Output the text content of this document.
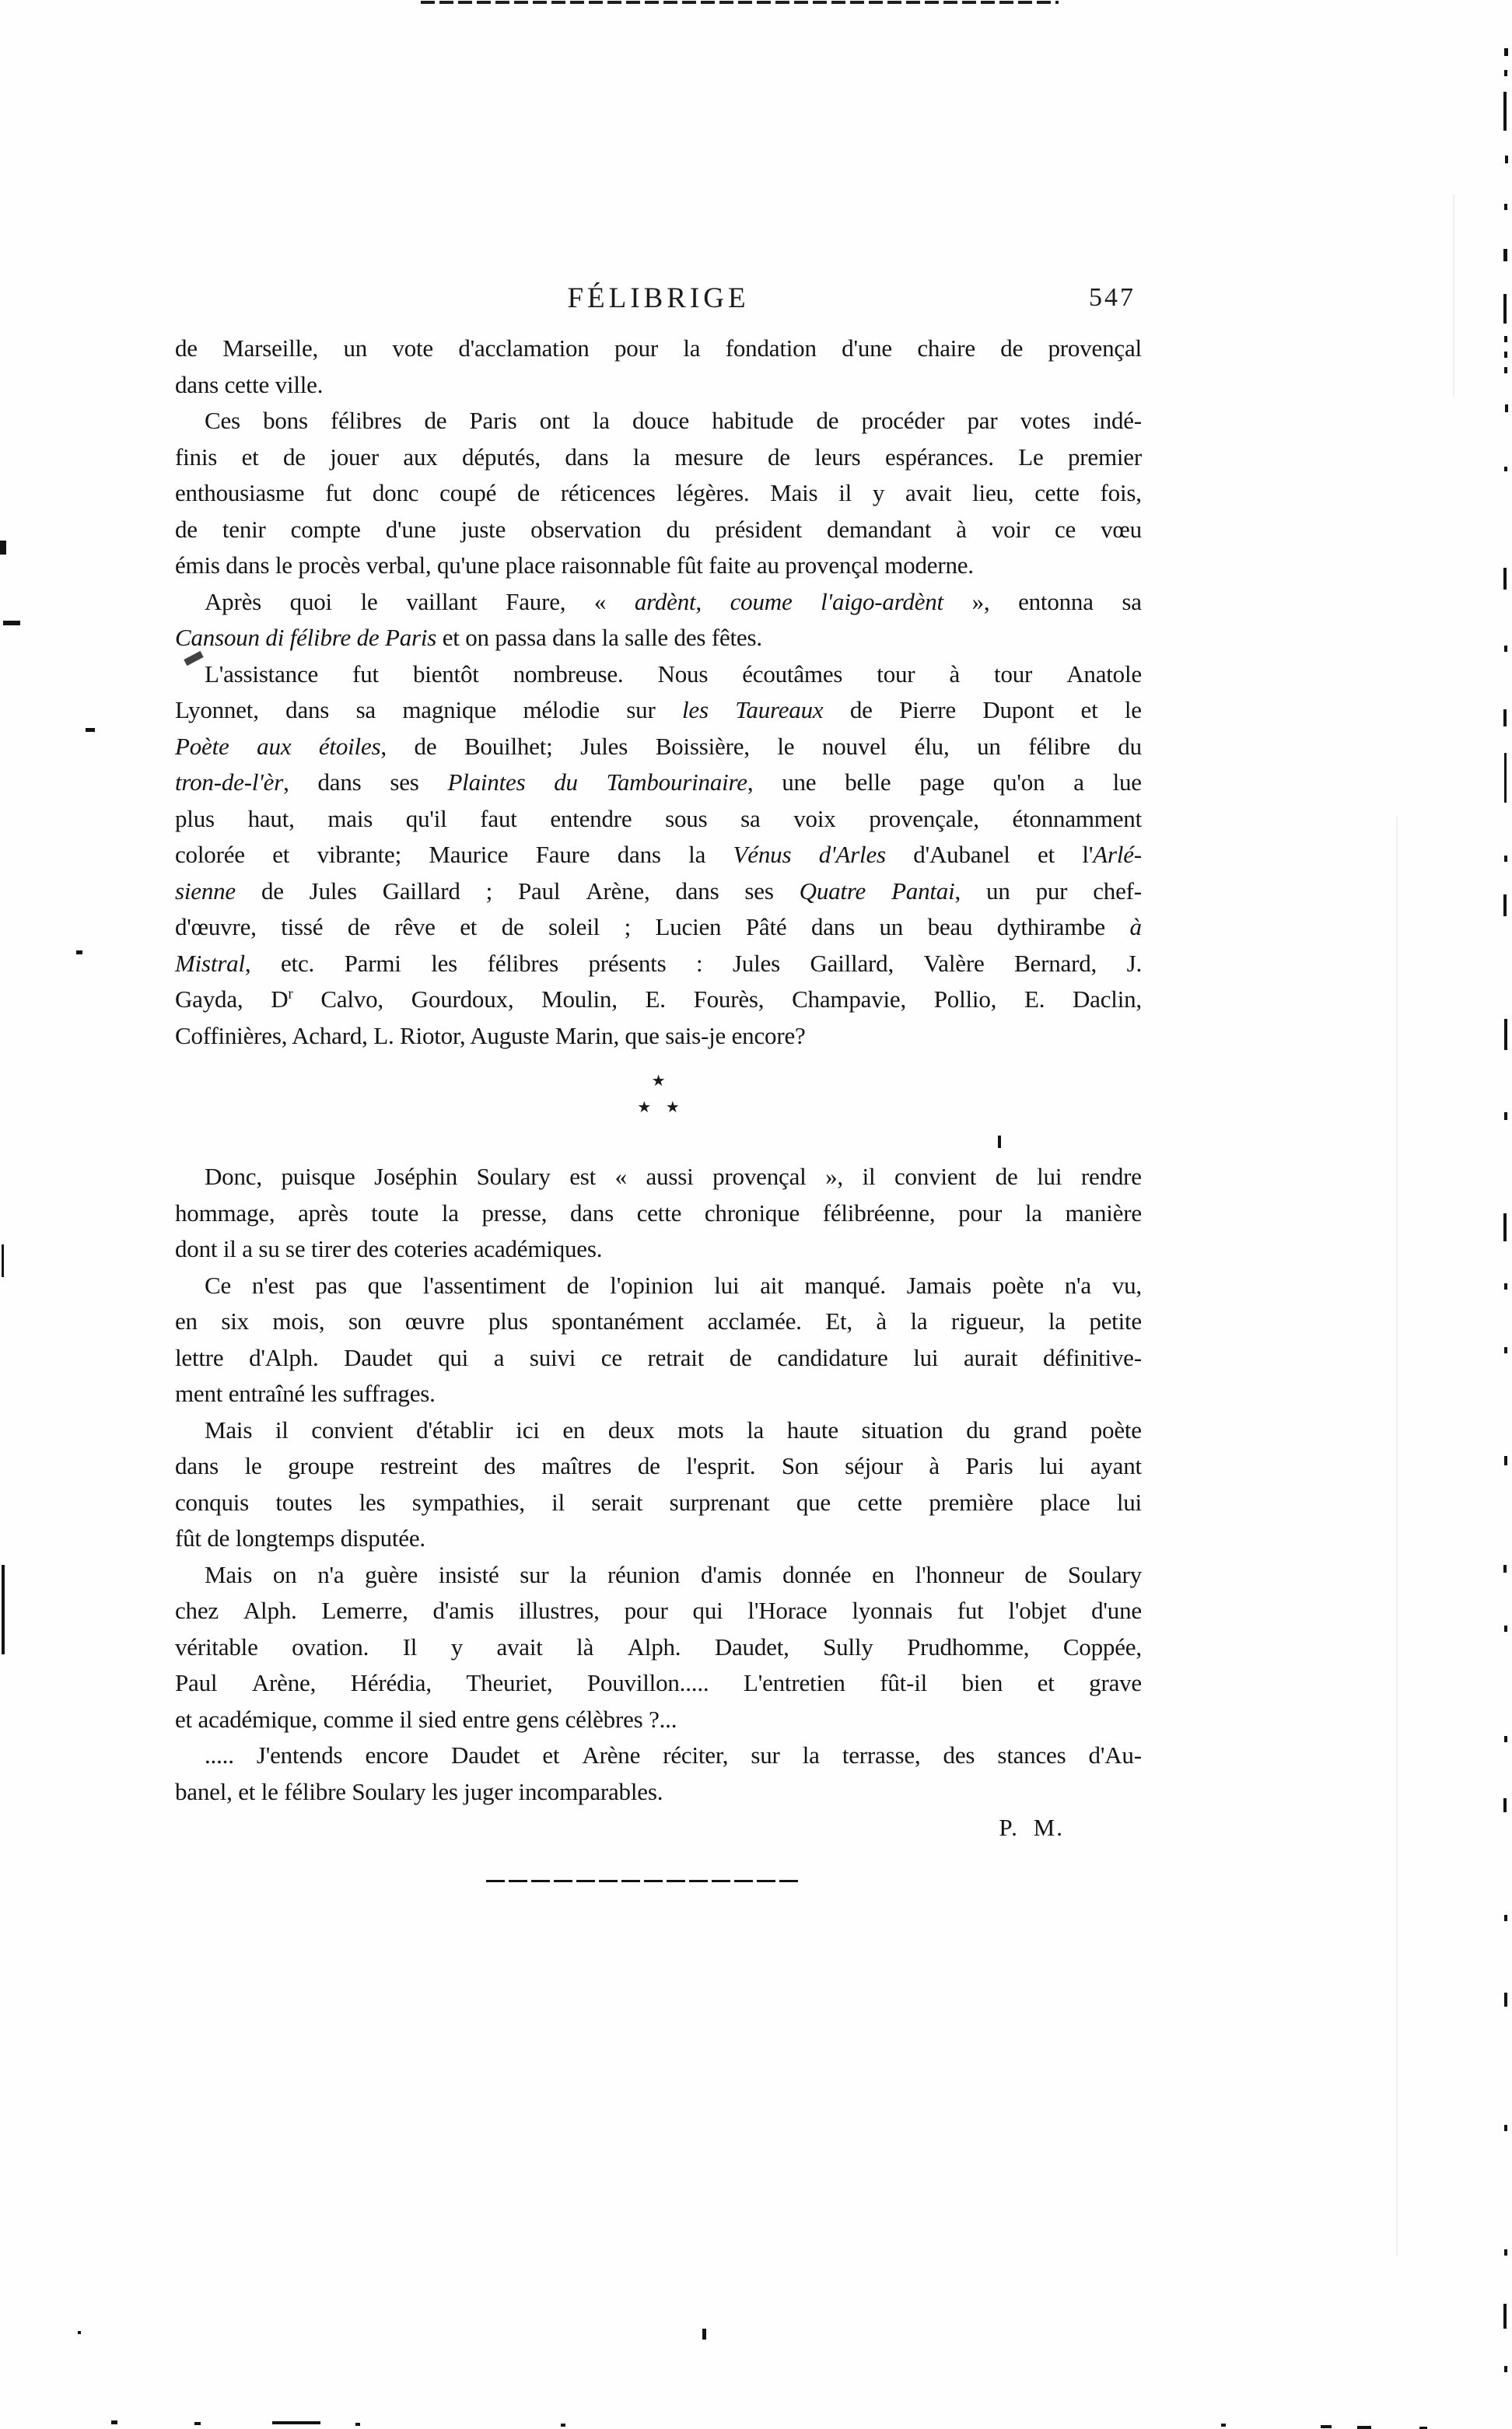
FÉLIBRIGE	547
de Marseille, un vote d'acclamation pour la fondation d'une chaire de provençal
dans cette ville.
Ces bons félibres de Paris ont la douce habitude de procéder par votes indé-
finis et de jouer aux députés, dans la mesure de leurs espérances. Le premier
enthousiasme fut donc coupé de réticences légères. Mais il y avait lieu, cette fois,
de tenir compte d'une juste observation du président demandant à voir ce vœu
émis dans le procès verbal, qu'une place raisonnable fût faite au provençal moderne.
Après quoi le vaillant Faure, « ardènt, coume l'aigo-ardènt », entonna sa
Cansoun di félibre de Paris et on passa dans la salle des fêtes.
L'assistance fut bientôt nombreuse. Nous écoutâmes tour à tour Anatole
Lyonnet, dans sa magnique mélodie sur les Taureaux de Pierre Dupont et le
Poète aux étoiles, de Bouilhet; Jules Boissière, le nouvel élu, un félibre du
tron-de-l'èr, dans ses Plaintes du Tambourinaire, une belle page qu'on a lue
plus haut, mais qu'il faut entendre sous sa voix provençale, étonnamment
colorée et vibrante; Maurice Faure dans la Vénus d'Arles d'Aubanel et l'Arlé-
sienne de Jules Gaillard ; Paul Arène, dans ses Quatre Pantai, un pur chef-
d'œuvre, tissé de rêve et de soleil ; Lucien Pâté dans un beau dythirambe à
Mistral, etc. Parmi les félibres présents : Jules Gaillard, Valère Bernard, J.
Gayda, $D^r$ Calvo, Gourdoux, Moulin, E. Fourès, Champavie, Pollio, E. Daclin,
Coffinières, Achard, L. Riotor, Auguste Marin, que sais-je encore?
★
★ ★
Donc, puisque Joséphin Soulary est « aussi provençal », il convient de lui rendre
hommage, après toute la presse, dans cette chronique félibréenne, pour la manière
dont il a su se tirer des coteries académiques.
Ce n'est pas que l'assentiment de l'opinion lui ait manqué. Jamais poète n'a vu,
en six mois, son œuvre plus spontanément acclamée. Et, à la rigueur, la petite
lettre d'Alph. Daudet qui a suivi ce retrait de candidature lui aurait définitive-
ment entraîné les suffrages.
Mais il convient d'établir ici en deux mots la haute situation du grand poète
dans le groupe restreint des maîtres de l'esprit. Son séjour à Paris lui ayant
conquis toutes les sympathies, il serait surprenant que cette première place lui
fût de longtemps disputée.
Mais on n'a guère insisté sur la réunion d'amis donnée en l'honneur de Soulary
chez Alph. Lemerre, d'amis illustres, pour qui l'Horace lyonnais fut l'objet d'une
véritable ovation. Il y avait là Alph. Daudet, Sully Prudhomme, Coppée,
Paul Arène, Hérédia, Theuriet, Pouvillon..... L'entretien fût-il bien et grave
et académique, comme il sied entre gens célèbres ?...
..... J'entends encore Daudet et Arène réciter, sur la terrasse, des stances d'Au-
banel, et le félibre Soulary les juger incomparables.
P. M.
